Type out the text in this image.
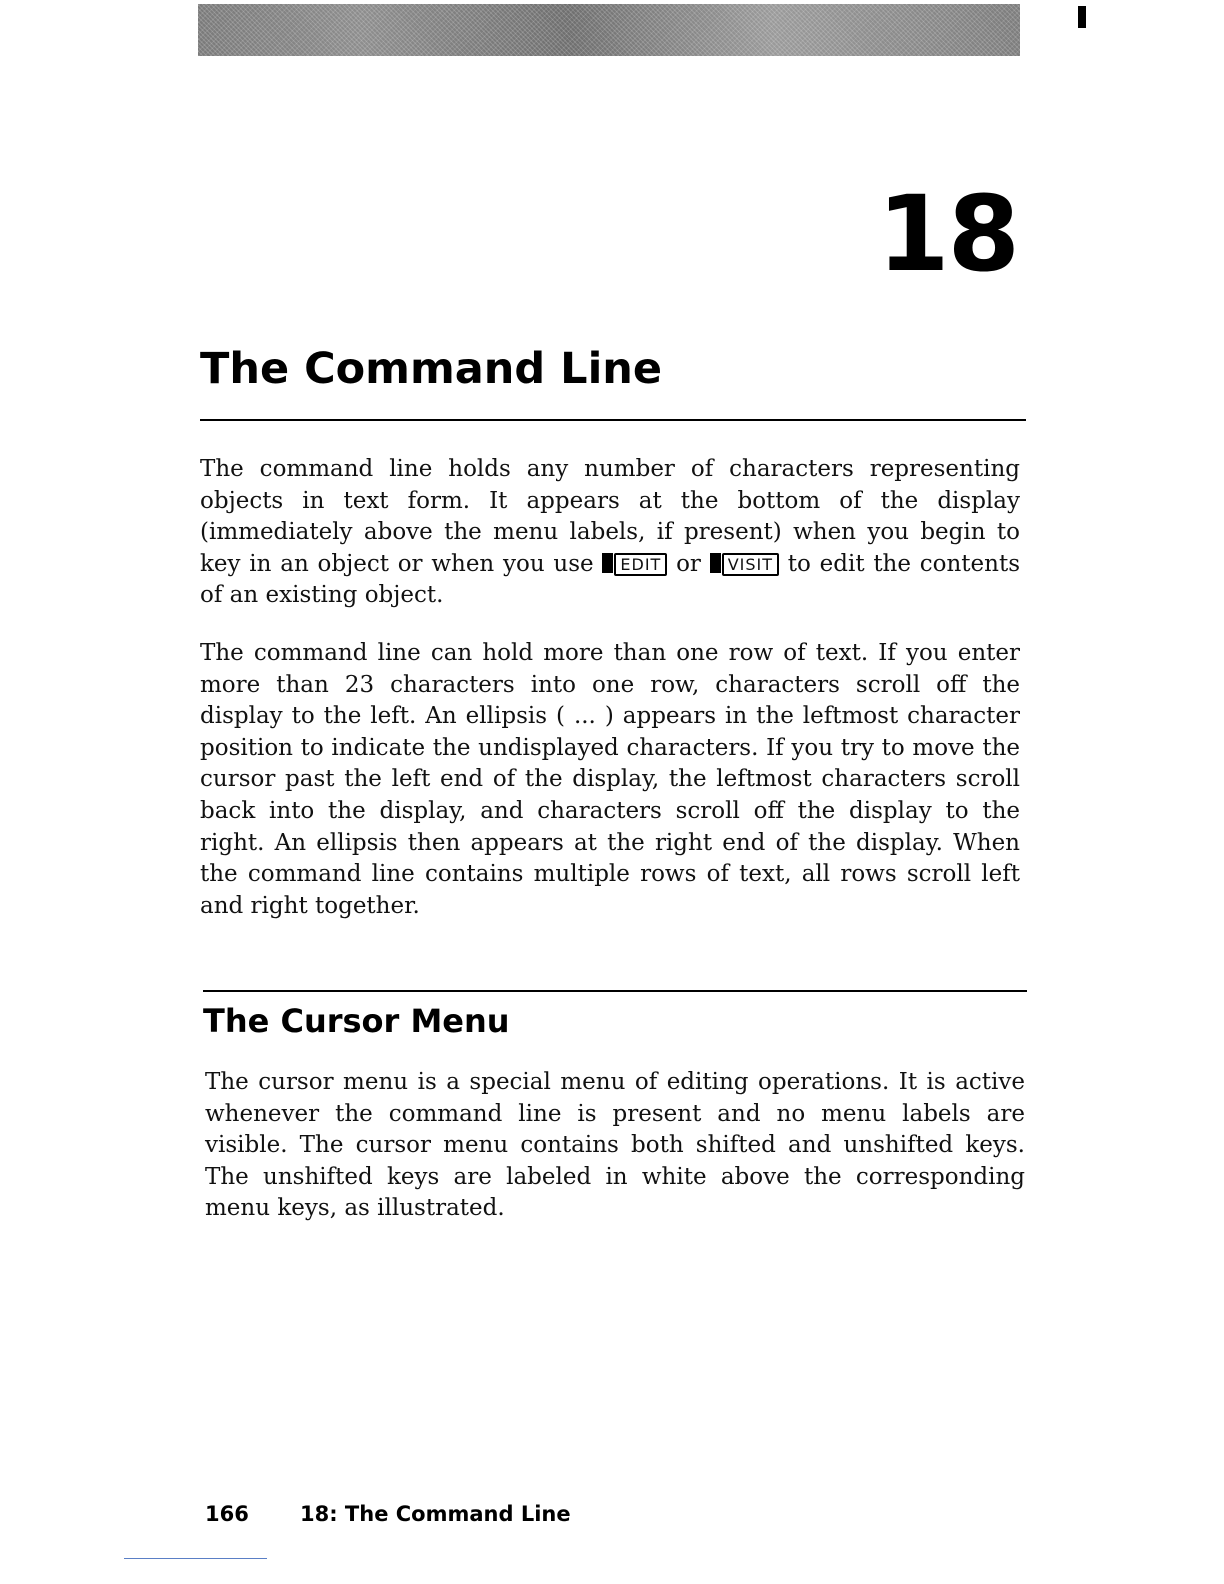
18
The Command Line

The command line holds any number of characters representing objects in text form. It appears at the bottom of the display (immediately above the menu labels, if present) when you begin to key in an object or when you use EDIT or VISIT to edit the contents of an existing object.

The command line can hold more than one row of text. If you enter more than 23 characters into one row, characters scroll off the display to the left. An ellipsis ( ... ) appears in the leftmost character position to indicate the undisplayed characters. If you try to move the cursor past the left end of the display, the leftmost characters scroll back into the display, and characters scroll off the display to the right. An ellipsis then appears at the right end of the display. When the command line contains multiple rows of text, all rows scroll left and right together.

The Cursor Menu

The cursor menu is a special menu of editing operations. It is active whenever the command line is present and no menu labels are visible. The cursor menu contains both shifted and unshifted keys. The unshifted keys are labeled in white above the corresponding menu keys, as illustrated.

166 18: The Command Line
